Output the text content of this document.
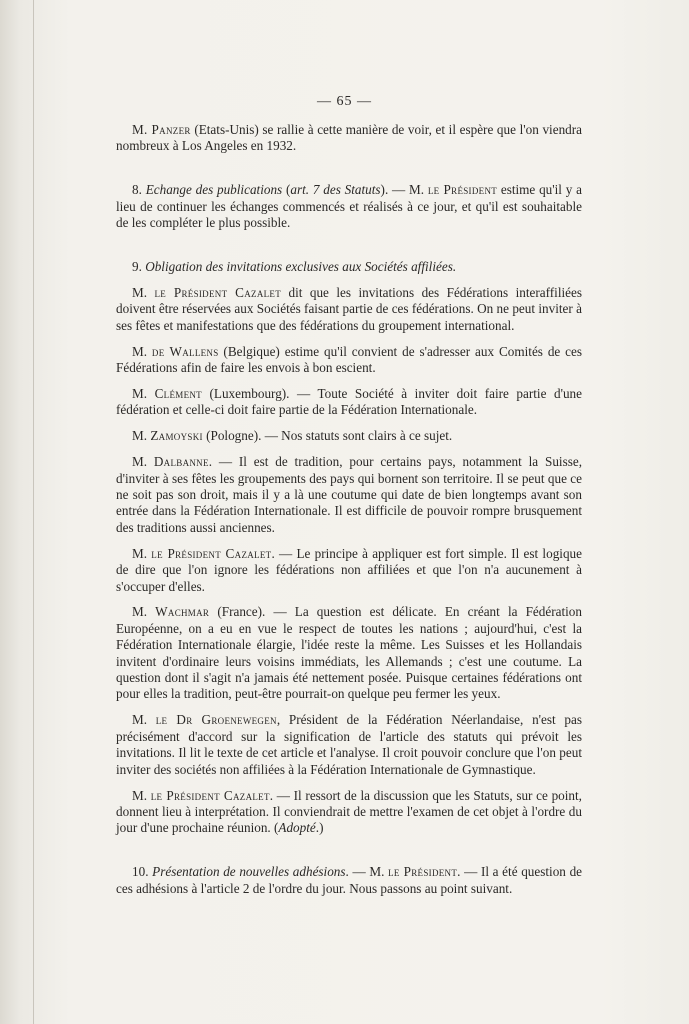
— 65 —

M. Panzer (Etats-Unis) se rallie à cette manière de voir, et il espère que l'on viendra nombreux à Los Angeles en 1932.

8. Echange des publications (art. 7 des Statuts). — M. le Président estime qu'il y a lieu de continuer les échanges commencés et réalisés à ce jour, et qu'il est souhaitable de les compléter le plus possible.

9. Obligation des invitations exclusives aux Sociétés affiliées.

M. le Président Cazalet dit que les invitations des Fédérations interaffiliées doivent être réservées aux Sociétés faisant partie de ces fédérations. On ne peut inviter à ses fêtes et manifestations que des fédérations du groupement international.

M. de Wallens (Belgique) estime qu'il convient de s'adresser aux Comités de ces Fédérations afin de faire les envois à bon escient.

M. Clément (Luxembourg). — Toute Société à inviter doit faire partie d'une fédération et celle-ci doit faire partie de la Fédération Internationale.

M. Zamoyski (Pologne). — Nos statuts sont clairs à ce sujet.

M. Dalbanne. — Il est de tradition, pour certains pays, notamment la Suisse, d'inviter à ses fêtes les groupements des pays qui bornent son territoire. Il se peut que ce ne soit pas son droit, mais il y a là une coutume qui date de bien longtemps avant son entrée dans la Fédération Internationale. Il est difficile de pouvoir rompre brusquement des traditions aussi anciennes.

M. le Président Cazalet. — Le principe à appliquer est fort simple. Il est logique de dire que l'on ignore les fédérations non affiliées et que l'on n'a aucunement à s'occuper d'elles.

M. Wachmar (France). — La question est délicate. En créant la Fédération Européenne, on a eu en vue le respect de toutes les nations ; aujourd'hui, c'est la Fédération Internationale élargie, l'idée reste la même. Les Suisses et les Hollandais invitent d'ordinaire leurs voisins immédiats, les Allemands ; c'est une coutume. La question dont il s'agit n'a jamais été nettement posée. Puisque certaines fédérations ont pour elles la tradition, peut-être pourrait-on quelque peu fermer les yeux.

M. le Dr Groenewegen, Président de la Fédération Néerlandaise, n'est pas précisément d'accord sur la signification de l'article des statuts qui prévoit les invitations. Il lit le texte de cet article et l'analyse. Il croit pouvoir conclure que l'on peut inviter des sociétés non affiliées à la Fédération Internationale de Gymnastique.

M. le Président Cazalet. — Il ressort de la discussion que les Statuts, sur ce point, donnent lieu à interprétation. Il conviendrait de mettre l'examen de cet objet à l'ordre du jour d'une prochaine réunion. (Adopté.)

10. Présentation de nouvelles adhésions. — M. le Président. — Il a été question de ces adhésions à l'article 2 de l'ordre du jour. Nous passons au point suivant.
